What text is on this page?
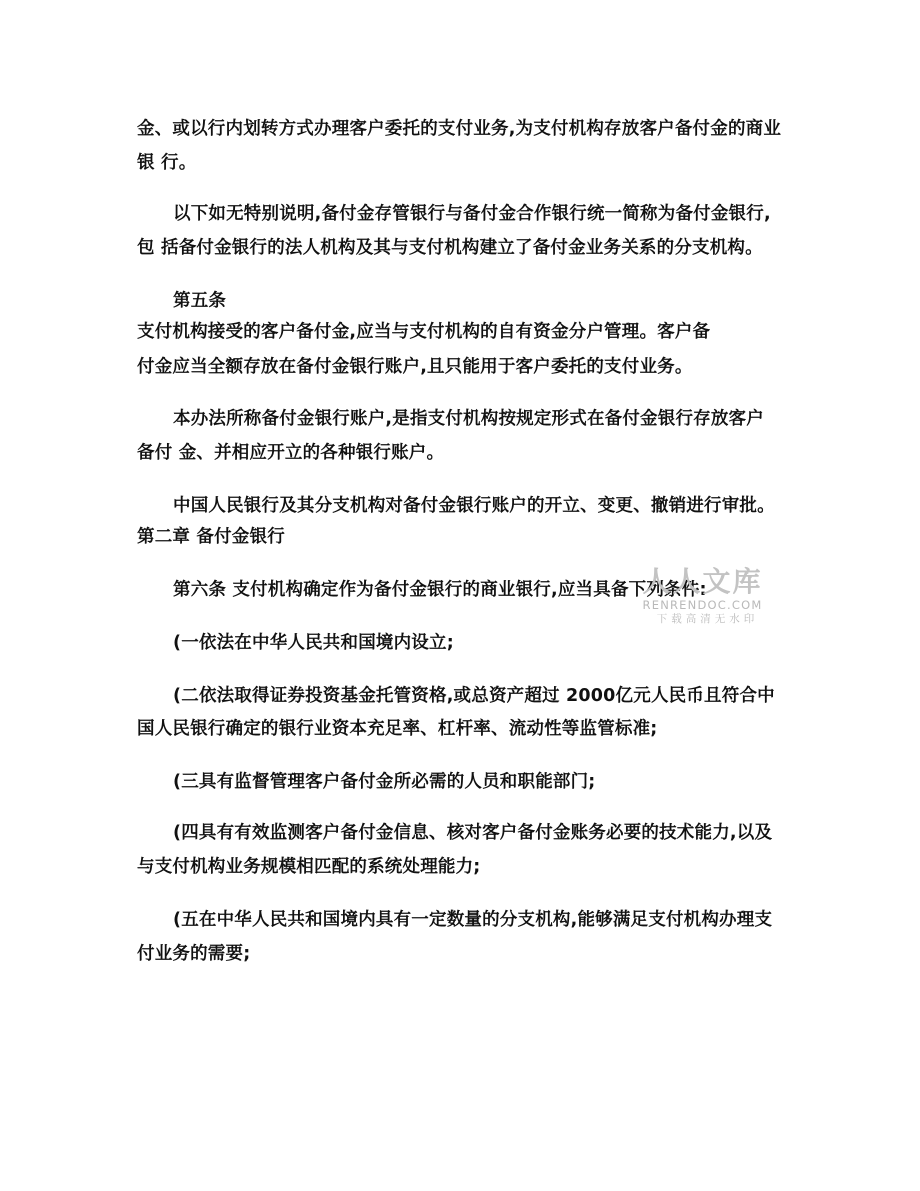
金、或以行内划转方式办理客户委托的支付业务,为支付机构存放客户备付金的商业
银 行。
以下如无特别说明,备付金存管银行与备付金合作银行统一简称为备付金银行,
包 括备付金银行的法人机构及其与支付机构建立了备付金业务关系的分支机构。
第五条
支付机构接受的客户备付金,应当与支付机构的自有资金分户管理。客户备
付金应当全额存放在备付金银行账户,且只能用于客户委托的支付业务。
本办法所称备付金银行账户,是指支付机构按规定形式在备付金银行存放客户
备付 金、并相应开立的各种银行账户。
中国人民银行及其分支机构对备付金银行账户的开立、变更、撤销进行审批。
第二章 备付金银行
第六条 支付机构确定作为备付金银行的商业银行,应当具备下列条件:
(一依法在中华人民共和国境内设立;
(二依法取得证券投资基金托管资格,或总资产超过 2000亿元人民币且符合中
国人民银行确定的银行业资本充足率、杠杆率、流动性等监管标准;
(三具有监督管理客户备付金所必需的人员和职能部门;
(四具有有效监测客户备付金信息、核对客户备付金账务必要的技术能力,以及
与支付机构业务规模相匹配的系统处理能力;
(五在中华人民共和国境内具有一定数量的分支机构,能够满足支付机构办理支
付业务的需要;
人人文库
RENRENDOC.COM
下载高清无水印
